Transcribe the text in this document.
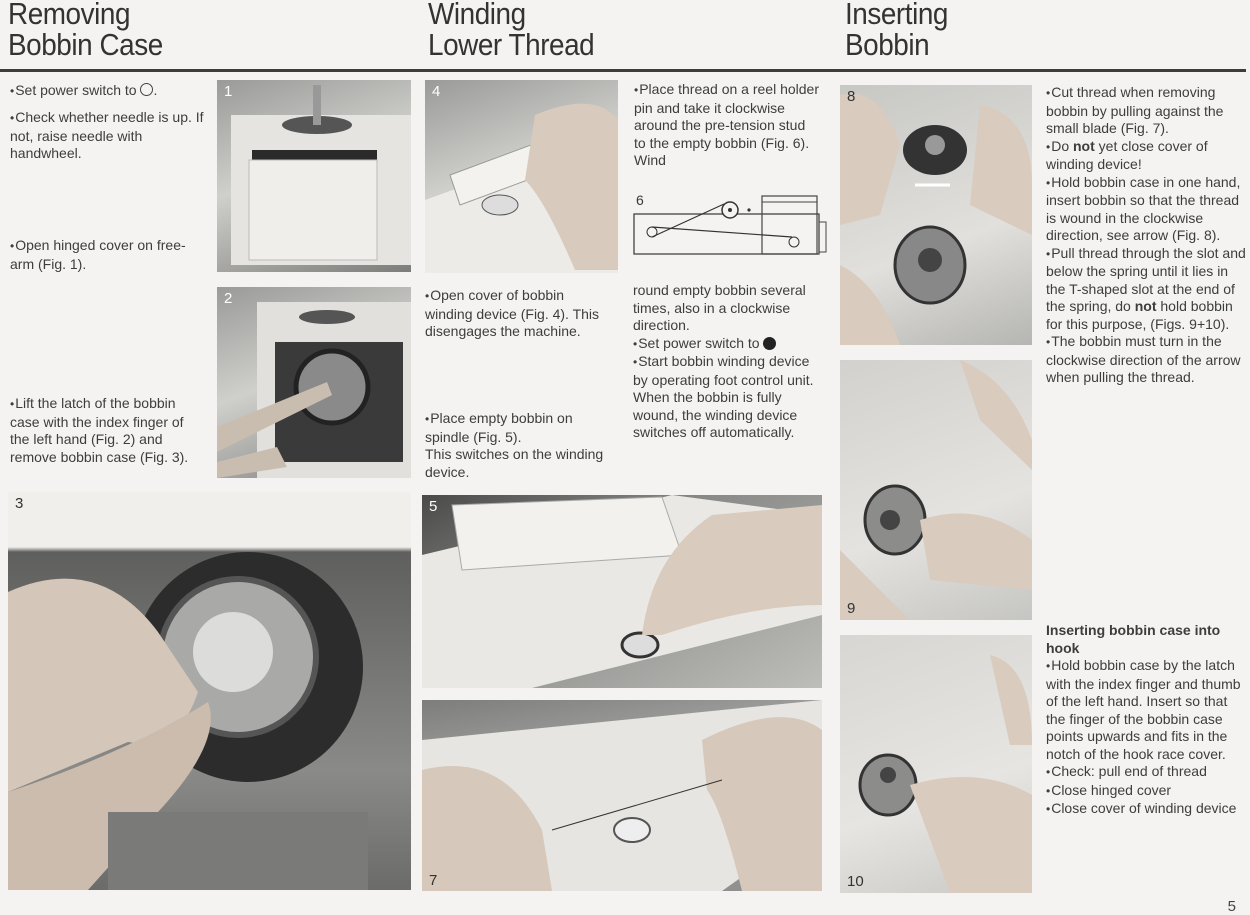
Removing
Bobbin Case
Winding
Lower Thread
Inserting
Bobbin

• Set power switch to .

• Check whether needle is up. If not, raise needle with handwheel.

• Open hinged cover on free-arm (Fig. 1).

• Lift the latch of the bobbin case with the index finger of the left hand (Fig. 2) and remove bobbin case (Fig. 3).

1
2
3
4	• Place thread on a reel holder pin and take it clockwise around the pre-tension stud to the empty bobbin (Fig. 6). Wind

6

• Open cover of bobbin winding device (Fig. 4). This disengages the machine.

• Place empty bobbin on spindle (Fig. 5).

This switches on the winding device.

round empty bobbin several times, also in a clockwise direction.

• Set power switch to

• Start bobbin winding device by operating foot control unit. When the bobbin is fully wound, the winding device switches off automatically.

5
7
8
9
10

• Cut thread when removing bobbin by pulling against the small blade (Fig. 7).

• Do not yet close cover of winding device!

• Hold bobbin case in one hand, insert bobbin so that the thread is wound in the clockwise direction, see arrow (Fig. 8).

• Pull thread through the slot and below the spring until it lies in the T-shaped slot at the end of the spring, do not hold bobbin for this purpose, (Figs. 9+10).

• The bobbin must turn in the clockwise direction of the arrow when pulling the thread.

Inserting bobbin case into hook

• Hold bobbin case by the latch with the index finger and thumb of the left hand. Insert so that the finger of the bobbin case points upwards and fits in the notch of the hook race cover.

• Check: pull end of thread

• Close hinged cover

• Close cover of winding device

5
